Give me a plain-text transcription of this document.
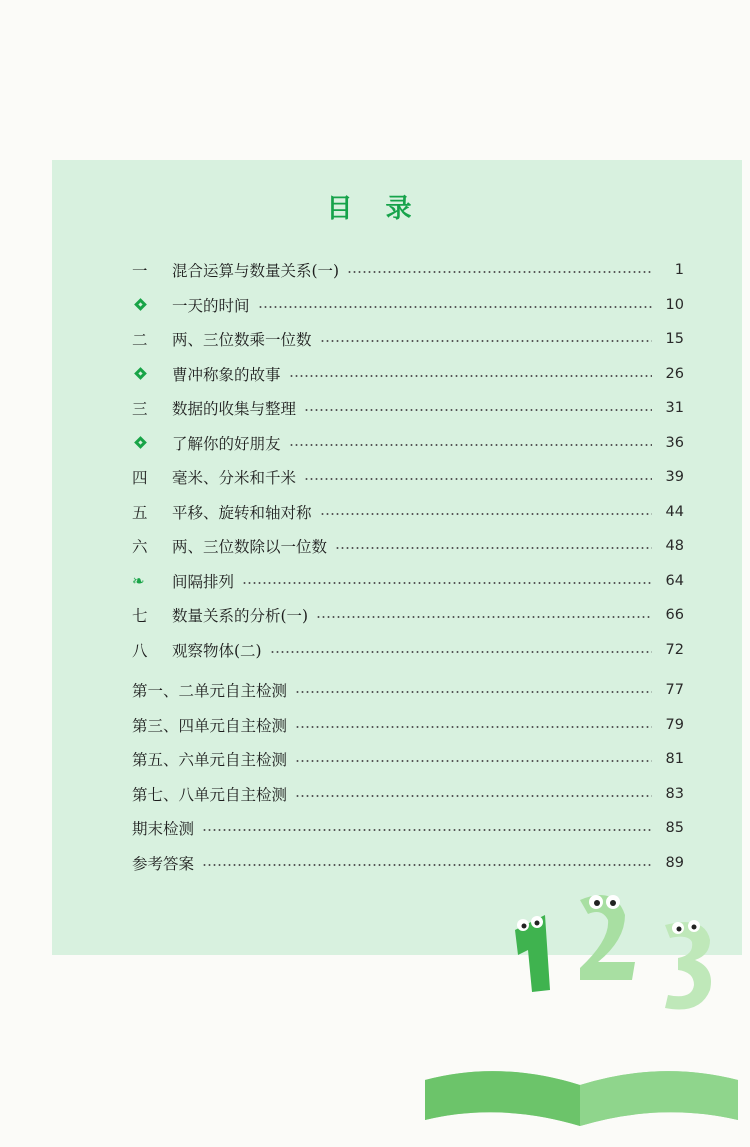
目 录
一	混合运算与数量关系(一)	1
一天的时间	10
二	两、三位数乘一位数	15
曹冲称象的故事	26
三	数据的收集与整理	31
了解你的好朋友	36
四	毫米、分米和千米	39
五	平移、旋转和轴对称	44
六	两、三位数除以一位数	48
❧ 间隔排列	64
七	数量关系的分析(一)	66
八	观察物体(二)	72
第一、二单元自主检测	77
第三、四单元自主检测	79
第五、六单元自主检测	81
第七、八单元自主检测	83
期末检测	85
参考答案	89
